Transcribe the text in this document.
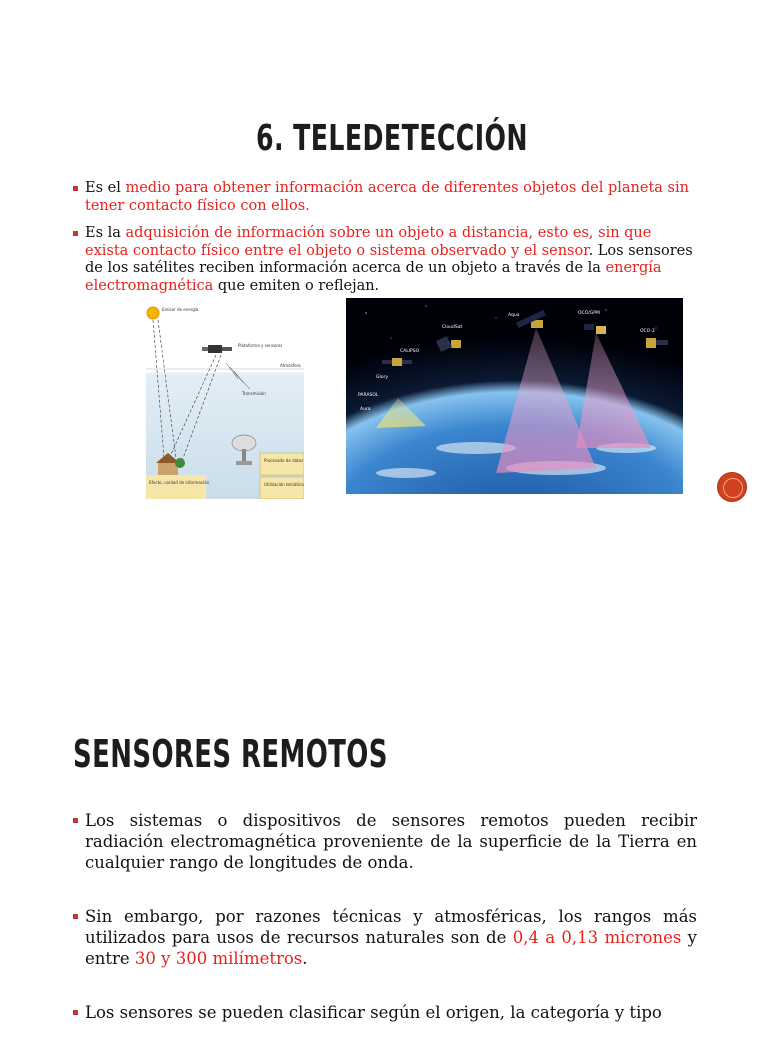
6. TELEDETECCIÓN
Es el medio para obtener información acerca de diferentes objetos del planeta sin tener contacto físico con ellos.
Es la adquisición de información sobre un objeto a distancia, esto es, sin que exista contacto físico entre el objeto o sistema observado y el sensor. Los sensores de los satélites reciben información acerca de un objeto a través de la energía electromagnética que emiten o reflejan.
Emisor de energía
Plataforma y sensores
Atmósfera
Transmisión
Procesado de datos
Utilización temática
Efecto, unidad de información
CALIPSO
CloudSat
Aqua	OCO/GPM
OCO-2
Glory
PARASOL
Aura
SENSORES REMOTOS
Los sistemas o dispositivos de sensores remotos pueden recibir radiación electromagnética proveniente de la superficie de la Tierra en cualquier rango de longitudes de onda.
Sin embargo, por razones técnicas y atmosféricas, los rangos más utilizados para usos de recursos naturales son de 0,4 a 0,13 micrones y entre 30 y 300 milímetros.
Los sensores se pueden clasificar según el origen, la categoría y tipo
